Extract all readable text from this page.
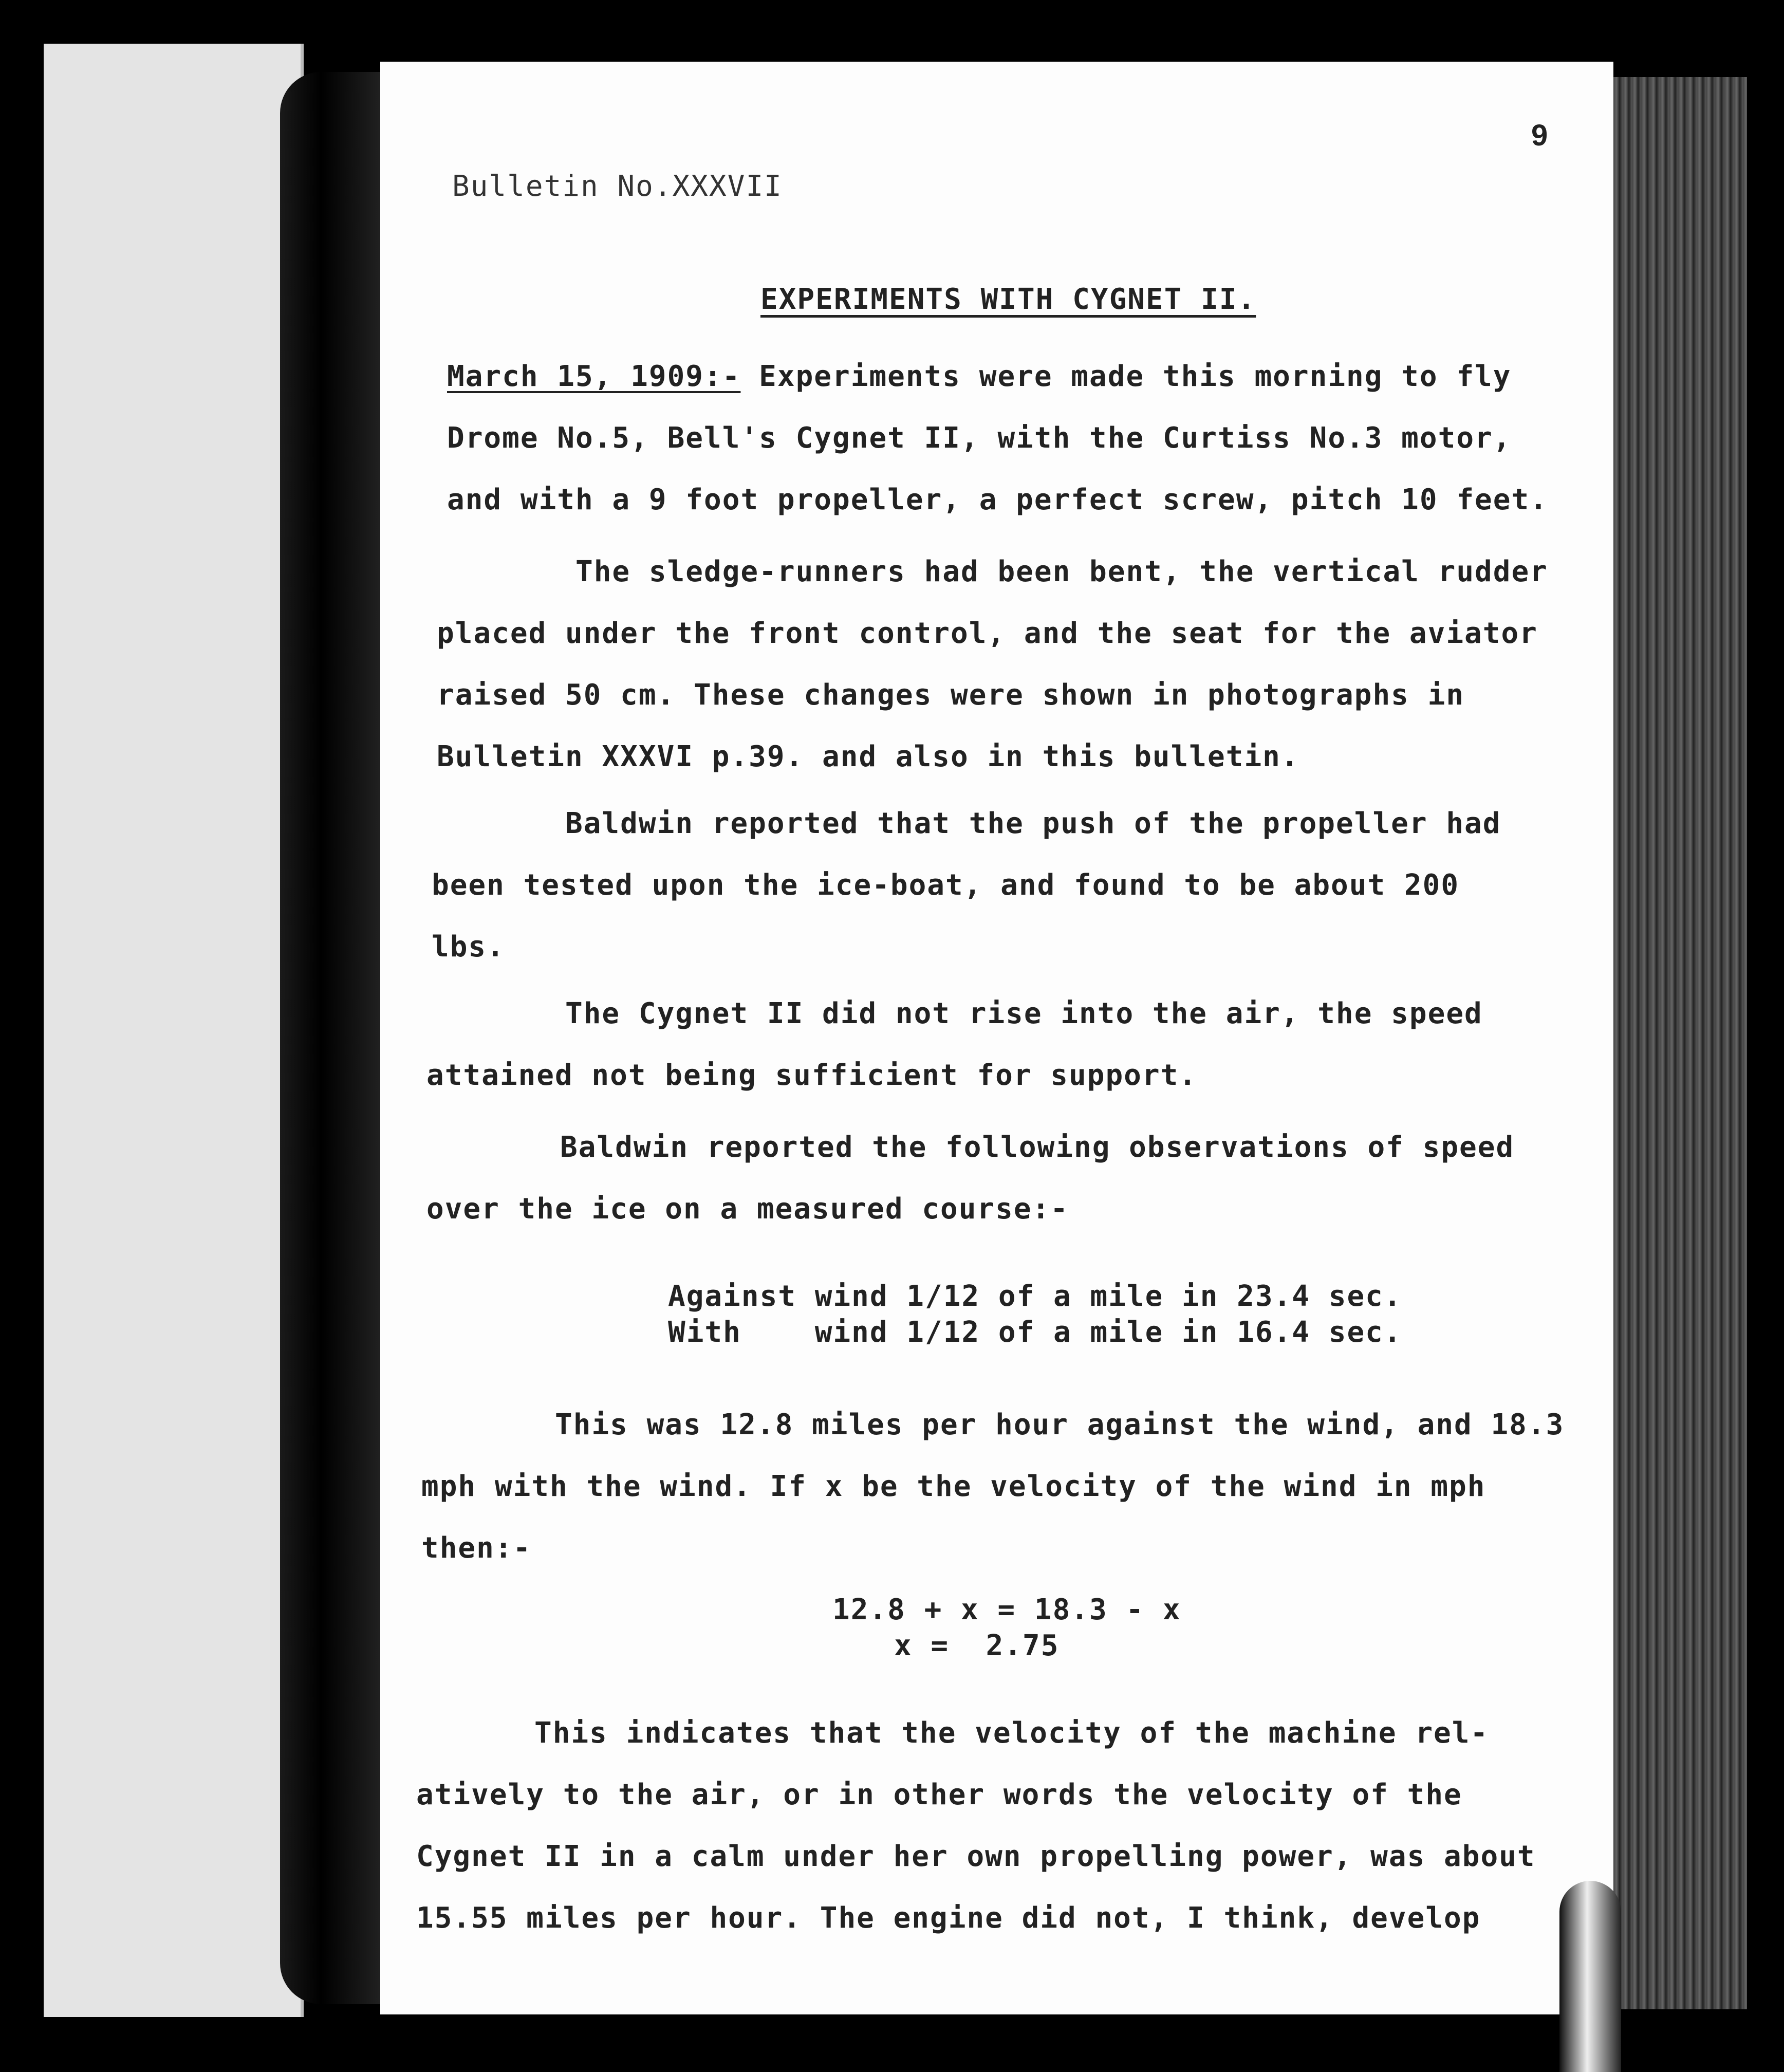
9
Bulletin No.XXXVII
EXPERIMENTS WITH CYGNET II.
March 15, 1909:- Experiments were made this morning to fly
Drome No.5, Bell's Cygnet II, with the Curtiss No.3 motor,
and with a 9 foot propeller, a perfect screw, pitch 10 feet.
The sledge-runners had been bent, the vertical rudder
placed under the front control, and the seat for the aviator
raised 50 cm. These changes were shown in photographs in
Bulletin XXXVI p.39. and also in this bulletin.
Baldwin reported that the push of the propeller had
been tested upon the ice-boat, and found to be about 200
lbs.
The Cygnet II did not rise into the air, the speed
attained not being sufficient for support.
Baldwin reported the following observations of speed
over the ice on a measured course:-
Against wind 1/12 of a mile in 23.4 sec.
With    wind 1/12 of a mile in 16.4 sec.
This was 12.8 miles per hour against the wind, and 18.3
mph with the wind. If x be the velocity of the wind in mph
then:-
12.8 + x = 18.3 - x
x =  2.75
This indicates that the velocity of the machine rel-
atively to the air, or in other words the velocity of the
Cygnet II in a calm under her own propelling power, was about
15.55 miles per hour. The engine did not, I think, develop
